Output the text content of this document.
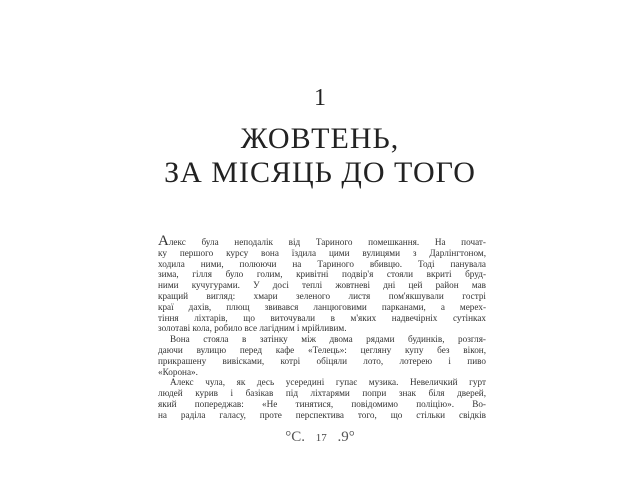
1
ЖОВТЕНЬ,
ЗА МІСЯЦЬ ДО ТОГО
Алекс була неподалік від Тариного помешкання. На почат-
ку першого курсу вона їздила цими вулицями з Дарлінгтоном,
ходила ними, полюючи на Тариного вбивцю. Тоді панувала
зима, гілля було голим, кривітні подвір'я стояли вкриті бруд-
ними кучугурами. У досі теплі жовтневі дні цей район мав
кращий вигляд: хмари зеленого листя пом'якшували гострі
краї дахів, плющ звивався ланцюговими парканами, а мерех-
тіння ліхтарів, що виточували в м'яких надвечірніх сутінках
золотаві кола, робило все лагідним і мрійливим.
Вона стояла в затінку між двома рядами будинків, розгля-
даючи вулицю перед кафе «Телець»: цегляну купу без вікон,
прикрашену вивісками, котрі обіцяли лото, лотерею і пиво
«Корона».
Алекс чула, як десь усередині гупає музика. Невеличкий гурт
людей курив і базікав під ліхтарями попри знак біля дверей,
який попереджав: «Не тинятися, повідомимо поліцію». Во-
на раділа галасу, проте перспектива того, що стільки свідків
°C. 17 .9°
